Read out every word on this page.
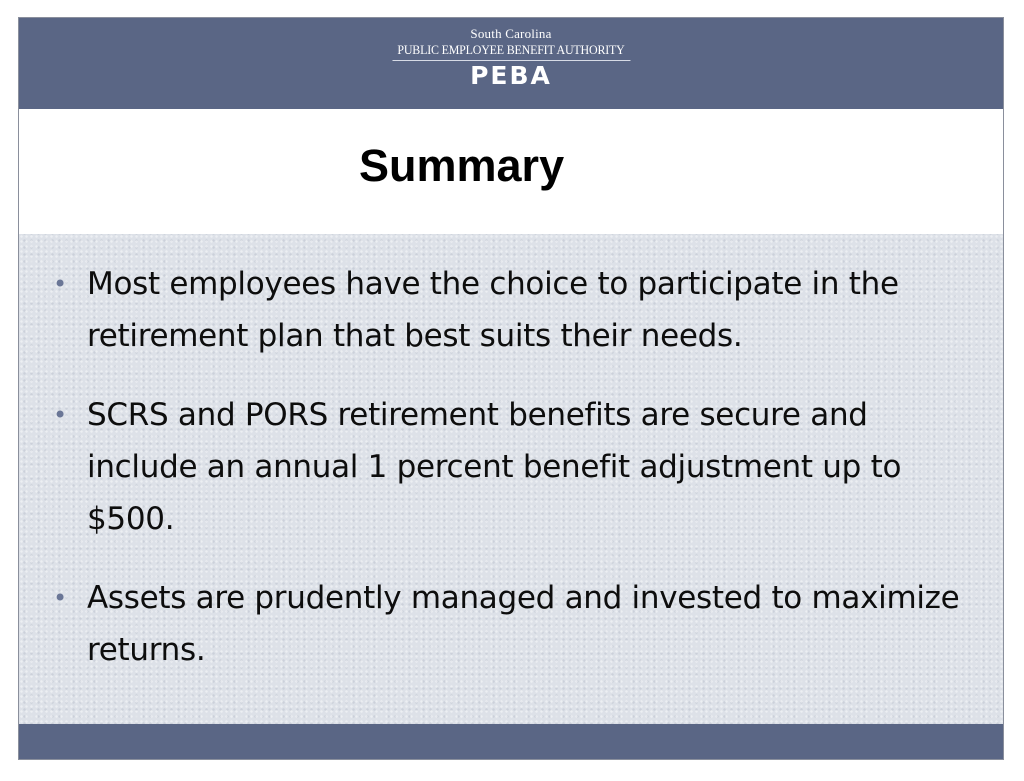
South Carolina
PUBLIC EMPLOYEE BENEFIT AUTHORITY
PEBA
Summary
• Most employees have the choice to participate in the retirement plan that best suits their needs.
• SCRS and PORS retirement benefits are secure and include an annual 1 percent benefit adjustment up to $500.
• Assets are prudently managed and invested to maximize returns.
